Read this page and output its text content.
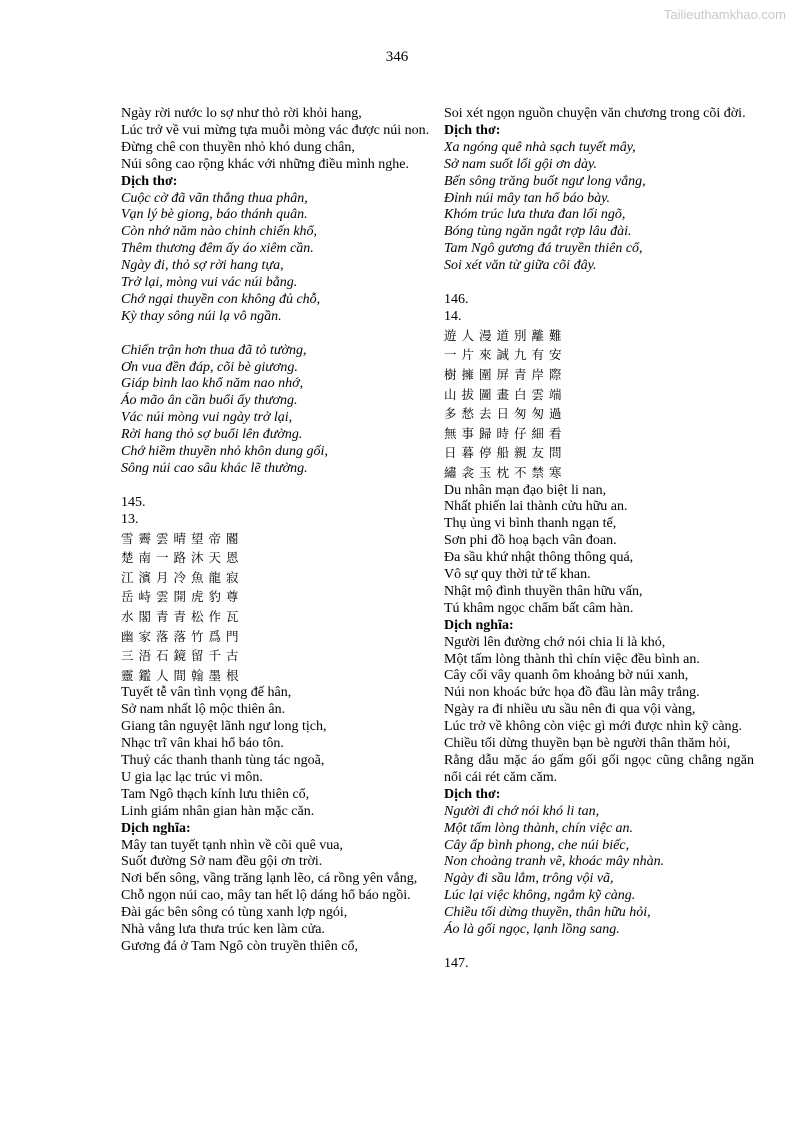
Tailieuthamkhao.com
346
Ngày rời nước lo sợ như thỏ rời khỏi hang,
Lúc trở về vui mừng tựa muỗi mòng vác được núi non.
Đừng chê con thuyền nhỏ khó dung chân,
Núi sông cao rộng khác với những điều mình nghe.
Dịch thơ:
Cuộc cờ đã vãn thắng thua phân,
Vạn lý bè giong, báo thánh quân.
Còn nhớ năm nào chinh chiến khổ,
Thêm thương đêm ấy áo xiêm cần.
Ngày đi, thỏ sợ rời hang tựa,
Trở lại, mòng vui vác núi bằng.
Chớ ngại thuyền con không đủ chỗ,
Kỳ thay sông núi lạ vô ngần.
Chiến trận hơn thua đã tỏ tường,
Ơn vua đền đáp, cõi bè giương.
Giáp binh lao khổ năm nao nhớ,
Áo mão ân cần buổi ấy thương.
Vác núi mòng vui ngày trở lại,
Rời hang thỏ sợ buổi lên đường.
Chớ hiềm thuyền nhỏ khôn dung gối,
Sông núi cao sâu khác lẽ thường.
145.
13.
雪霽雲晴望帝閽
楚南一路沐天恩
江濱月冷魚龍寂
岳峙雲開虎豹尊
水閣青青松作瓦
幽家落落竹爲門
三浯石鏡留千古
靈鑑人間翰墨根
Tuyết tễ vân tình vọng đế hân,
Sở nam nhất lộ mộc thiên ân.
Giang tân nguyệt lãnh ngư long tịch,
Nhạc trĩ vân khai hổ báo tôn.
Thuỷ các thanh thanh tùng tác ngoã,
U gia lạc lạc trúc vi môn.
Tam Ngô thạch kính lưu thiên cổ,
Linh giám nhân gian hàn mặc căn.
Dịch nghĩa:
Mây tan tuyết tạnh nhìn về cõi quê vua,
Suốt đường Sở nam đều gội ơn trời.
Nơi bến sông, vầng trăng lạnh lẽo, cá rồng yên vắng,
Chỗ ngọn núi cao, mây tan hết lộ dáng hổ báo ngồi.
Đài gác bên sông có tùng xanh lợp ngói,
Nhà vắng lưa thưa trúc ken làm cửa.
Gương đá ở Tam Ngô còn truyền thiên cổ,
Soi xét ngọn nguồn chuyện văn chương trong cõi đời.
Dịch thơ:
Xa ngóng quê nhà sạch tuyết mây,
Sở nam suốt lối gội ơn dày.
Bến sông trăng buốt ngư long vắng,
Đỉnh núi mây tan hổ báo bày.
Khóm trúc lưa thưa đan lối ngõ,
Bóng tùng ngăn ngắt rợp lâu đài.
Tam Ngô gương đá truyền thiên cổ,
Soi xét văn từ giữa cõi đây.
146.
14.
遊人漫道別離難
一片來誠九有安
樹擁圍屏青岸際
山拔圖畫白雲端
多愁去日匆匆過
無事歸時仔細看
日暮停船親友問
繡衾玉枕不禁寒
Du nhân mạn đạo biệt li nan,
Nhất phiến lai thành cửu hữu an.
Thụ ủng vi bình thanh ngạn tế,
Sơn phi đồ hoạ bạch vân đoan.
Đa sầu khứ nhật thông thông quá,
Vô sự quy thời tử tế khan.
Nhật mộ đình thuyền thân hữu vấn,
Tú khâm ngọc chẩm bất câm hàn.
Dịch nghĩa:
Người lên đường chớ nói chia li là khó,
Một tấm lòng thành thì chín việc đều bình an.
Cây cối vây quanh ôm khoảng bờ núi xanh,
Núi non khoác bức họa đồ đầu làn mây trắng.
Ngày ra đi nhiều ưu sầu nên đi qua vội vàng,
Lúc trở về không còn việc gì mới được nhìn kỹ càng.
Chiều tối dừng thuyền bạn bè người thân thăm hỏi,
Rằng dẫu mặc áo gấm gối gối ngọc cũng chẳng ngăn nổi cái rét căm căm.
Dịch thơ:
Người đi chớ nói khó li tan,
Một tấm lòng thành, chín việc an.
Cây ấp bình phong, che núi biếc,
Non choàng tranh vẽ, khoác mây nhàn.
Ngày đi sầu lắm, trông vội vã,
Lúc lại việc không, ngắm kỹ càng.
Chiều tối dừng thuyền, thân hữu hỏi,
Áo là gối ngọc, lạnh lồng sang.
147.
